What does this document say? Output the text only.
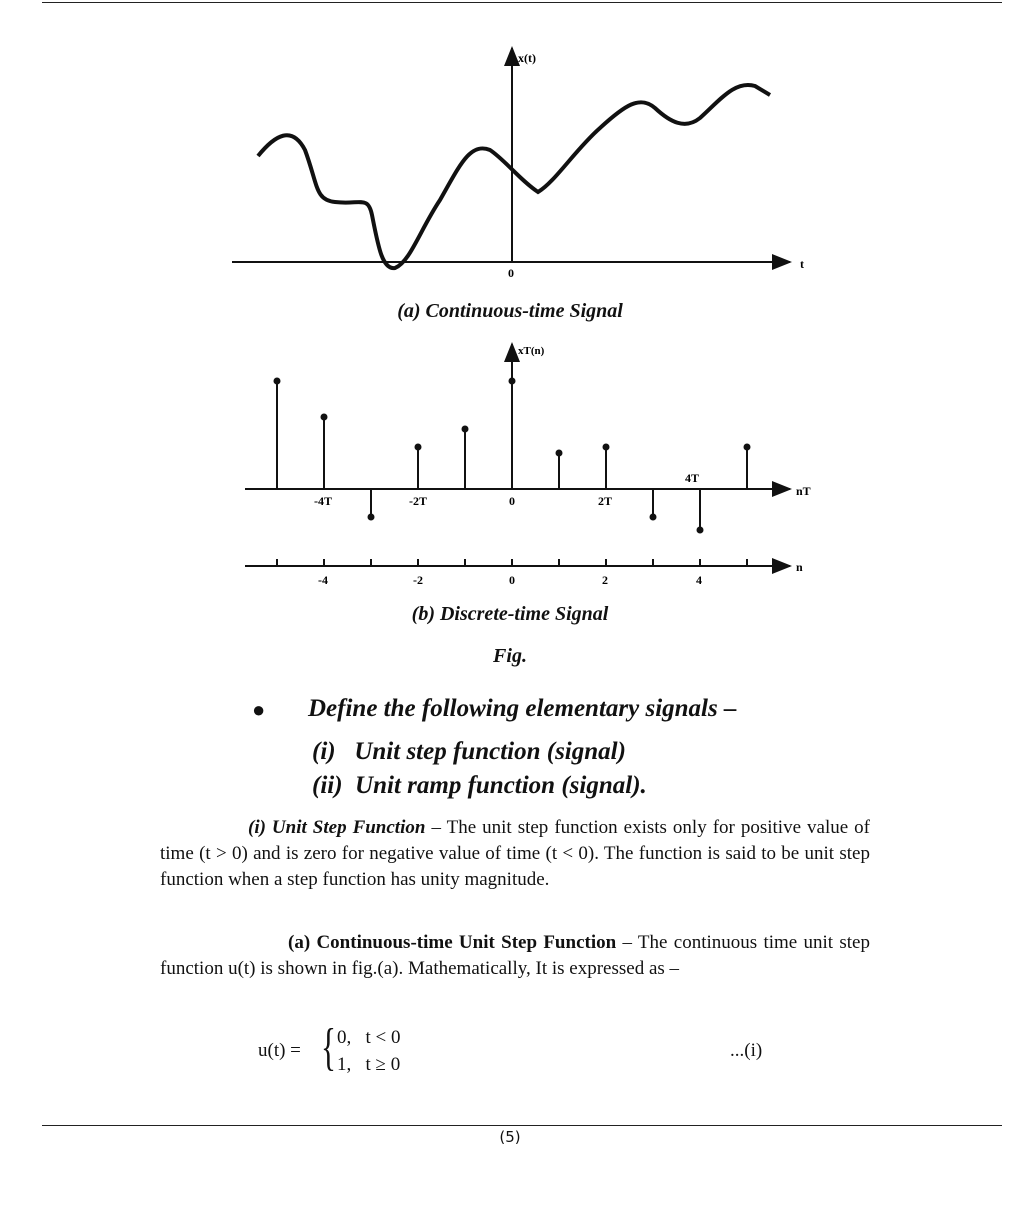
x(t)
t
0
xT(n)
nT
n
-4T	-2T	0	2T
4T
-4	-2	0	2	4
(a) Continuous-time Signal
(b) Discrete-time Signal
Fig.
● Define the following elementary signals –
(i)   Unit step function (signal)
(ii)  Unit ramp function (signal).
(i) Unit Step Function – The unit step function exists only for positive value of time (t > 0) and is zero for negative value of time (t < 0). The function is said to be unit step function when a step function has unity magnitude.
(a) Continuous-time Unit Step Function – The continuous time unit step function u(t) is shown in fig.(a). Mathematically, It is expressed as –
u(t) = { 0,   t < 0
1,   t ≥ 0
...(i)
(5)
